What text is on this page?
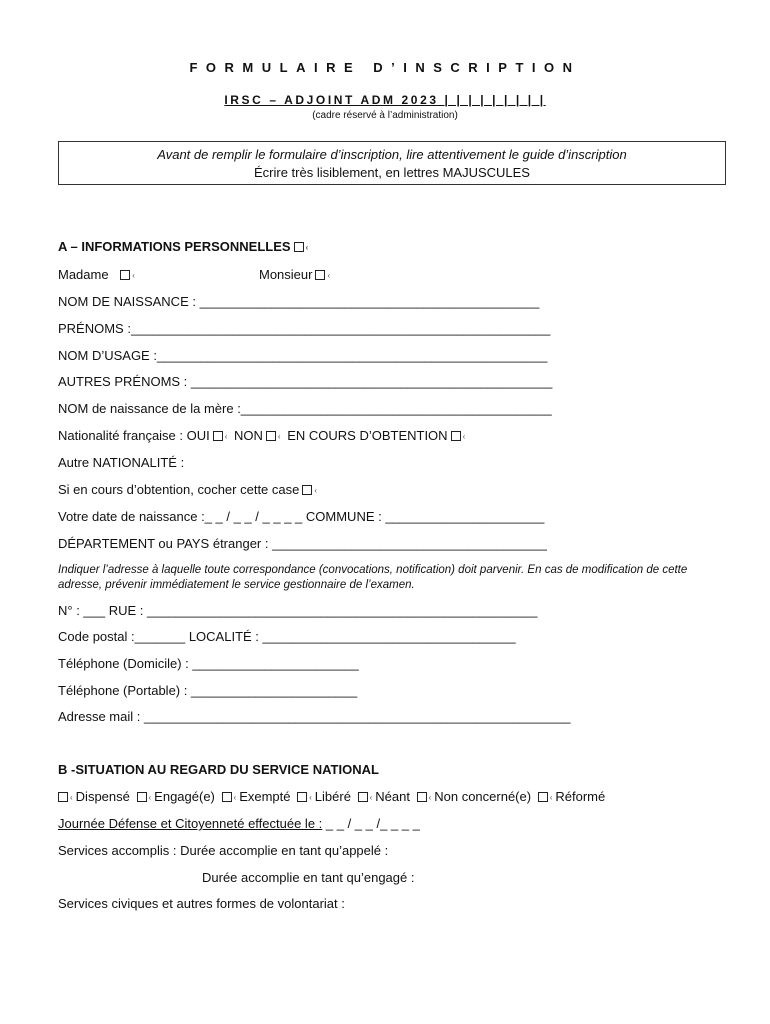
FORMULAIRE D’INSCRIPTION
IRSC – ADJOINT ADM 2023 | | | | | | | | |
(cadre réservé à l’administration)
Avant de remplir le formulaire d’inscription, lire attentivement le guide d’inscription
Écrire très lisiblement, en lettres MAJUSCULES
A – INFORMATIONS PERSONNELLES ‹
Madame	‹	Monsieur ‹
NOM DE NAISSANCE : _______________________________________________
PRÉNOMS :__________________________________________________________
NOM D’USAGE :______________________________________________________
AUTRES PRÉNOMS : __________________________________________________
NOM de naissance de la mère :___________________________________________
Nationalité française : OUI ‹ NON ‹ EN COURS D’OBTENTION ‹
Autre NATIONALITÉ :
Si en cours d’obtention, cocher cette case ‹
Votre date de naissance :_ _ / _ _ / _ _ _ _ COMMUNE : ______________________
DÉPARTEMENT ou PAYS étranger : ______________________________________
Indiquer l’adresse à laquelle toute correspondance (convocations, notification) doit parvenir. En cas de modification de cette adresse, prévenir immédiatement le service gestionnaire de l’examen.
N° : ___ RUE : ______________________________________________________
Code postal :_______ LOCALITÉ : ___________________________________
Téléphone (Domicile) : _______________________
Téléphone (Portable) : _______________________
Adresse mail : ___________________________________________________________
B -SITUATION AU REGARD DU SERVICE NATIONAL
‹ Dispensé ‹ Engagé(e) ‹ Exempté ‹ Libéré ‹ Néant ‹ Non concerné(e) ‹ Réformé
Journée Défense et Citoyenneté effectuée le : _ _ / _ _ /_ _ _ _
Services accomplis : Durée accomplie en tant qu’appelé :
Durée accomplie en tant qu’engagé :
Services civiques et autres formes de volontariat :
